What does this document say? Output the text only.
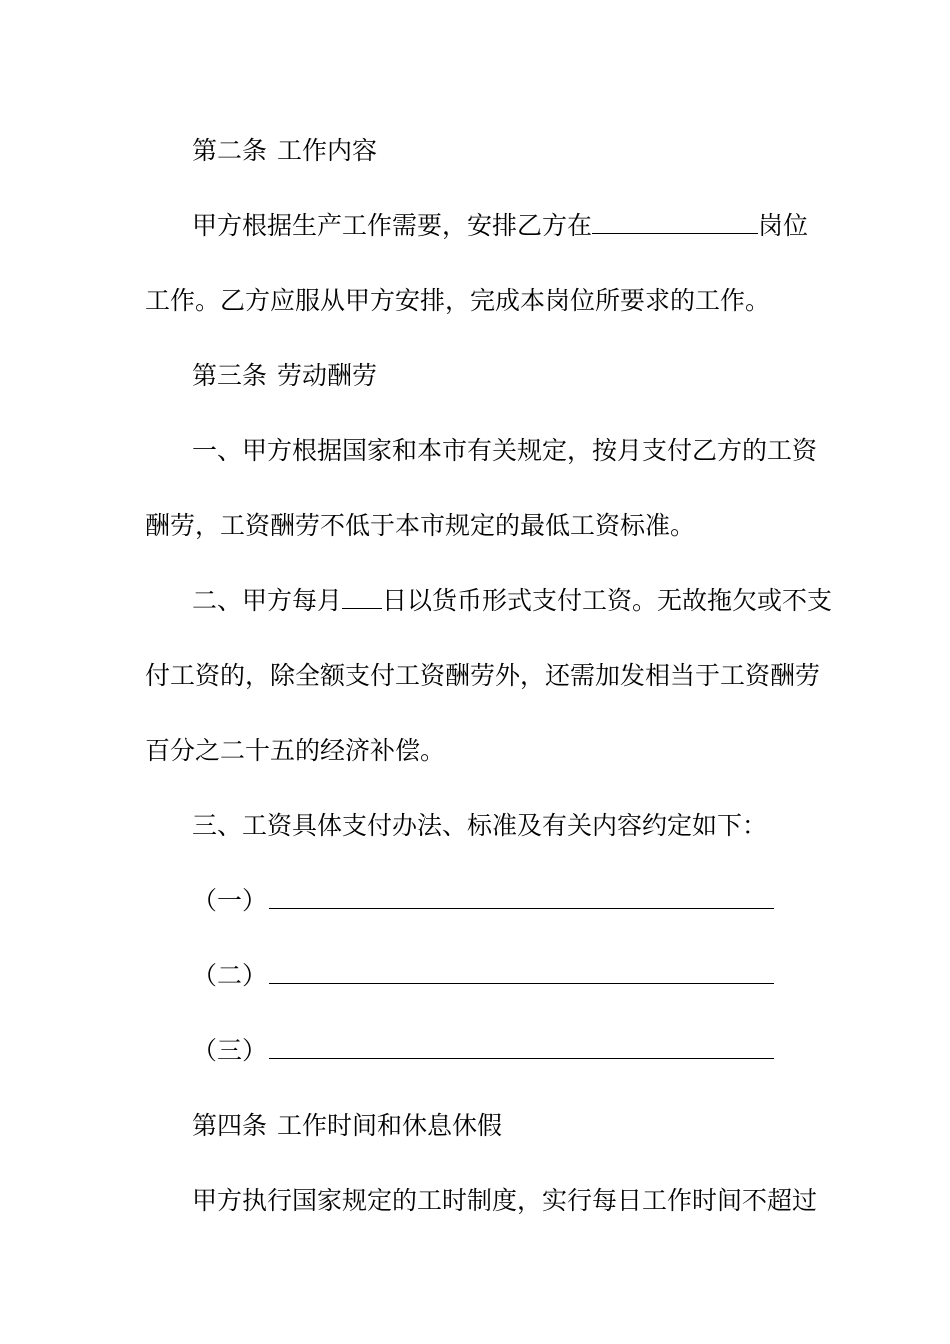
第二条 工作内容
甲方根据生产工作需要，安排乙方在	岗位
工作。乙方应服从甲方安排，完成本岗位所要求的工作。
第三条 劳动酬劳
一、甲方根据国家和本市有关规定，按月支付乙方的工资
酬劳，工资酬劳不低于本市规定的最低工资标准。
二、甲方每月 日以货币形式支付工资。无故拖欠或不支
付工资的，除全额支付工资酬劳外，还需加发相当于工资酬劳
百分之二十五的经济补偿。
三、工资具体支付办法、标准及有关内容约定如下：
（一）
（二）
（三）
第四条 工作时间和休息休假
甲方执行国家规定的工时制度，实行每日工作时间不超过
